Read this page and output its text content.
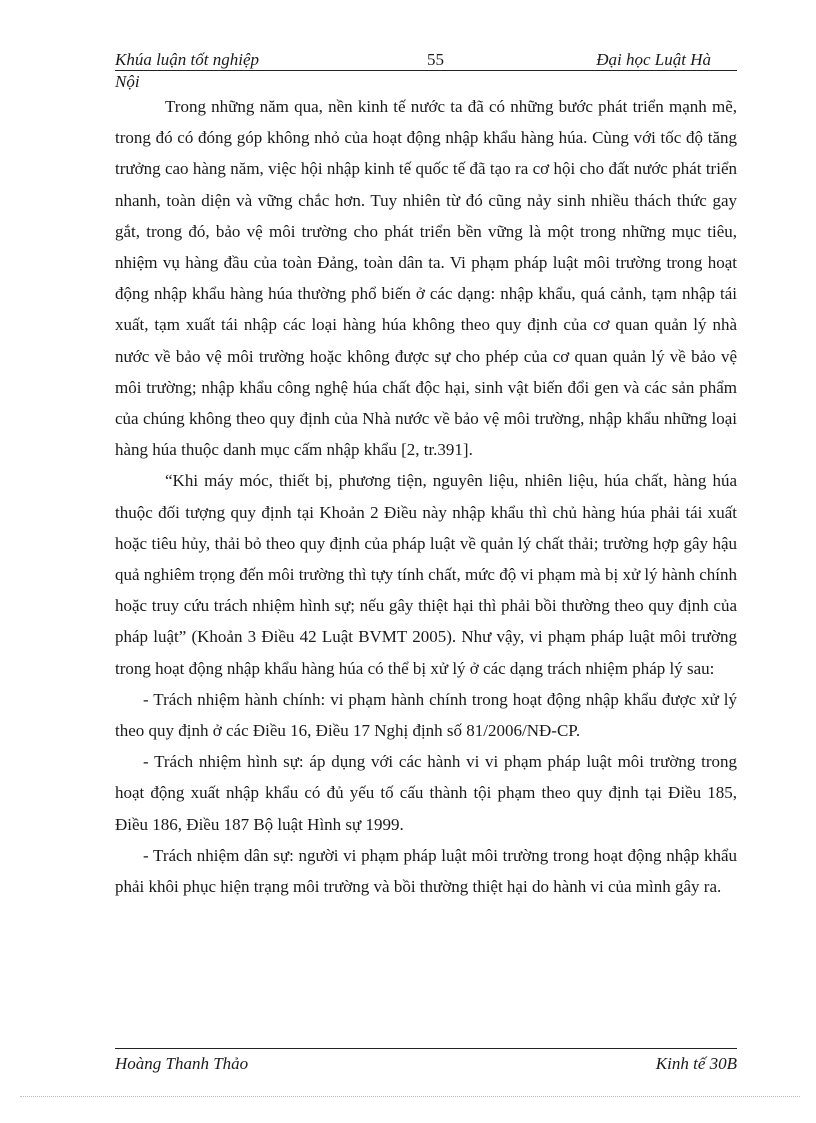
Khúa luận tốt nghiệp	55	Đại học Luật Hà
Nội

Trong những năm qua, nền kinh tế nước ta đã có những bước phát triển mạnh mẽ, trong đó có đóng góp không nhỏ của hoạt động nhập khẩu hàng húa. Cùng với tốc độ tăng trưởng cao hàng năm, việc hội nhập kinh tế quốc tế đã tạo ra cơ hội cho đất nước phát triển nhanh, toàn diện và vững chắc hơn. Tuy nhiên từ đó cũng nảy sinh nhiều thách thức gay gắt, trong đó, bảo vệ môi trường cho phát triển bền vững là một trong những mục tiêu, nhiệm vụ hàng đầu của toàn Đảng, toàn dân ta. Vi phạm pháp luật môi trường trong hoạt động nhập khẩu hàng húa thường phổ biến ở các dạng: nhập khẩu, quá cảnh, tạm nhập tái xuất, tạm xuất tái nhập các loại hàng húa không theo quy định của cơ quan quản lý nhà nước về bảo vệ môi trường hoặc không được sự cho phép của cơ quan quản lý về bảo vệ môi trường; nhập khẩu công nghệ húa chất độc hại, sinh vật biến đổi gen và các sản phẩm của chúng không theo quy định của Nhà nước về bảo vệ môi trường, nhập khẩu những loại hàng húa thuộc danh mục cấm nhập khẩu [2, tr.391].

“Khi máy móc, thiết bị, phương tiện, nguyên liệu, nhiên liệu, húa chất, hàng húa thuộc đối tượng quy định tại Khoản 2 Điều này nhập khẩu thì chủ hàng húa phải tái xuất hoặc tiêu hủy, thải bỏ theo quy định của pháp luật về quản lý chất thải; trường hợp gây hậu quả nghiêm trọng đến môi trường thì tựy tính chất, mức độ vi phạm mà bị xử lý hành chính hoặc truy cứu trách nhiệm hình sự; nếu gây thiệt hại thì phải bồi thường theo quy định của pháp luật” (Khoản 3 Điều 42 Luật BVMT 2005). Như vậy, vi phạm pháp luật môi trường trong hoạt động nhập khẩu hàng húa có thể bị xử lý ở các dạng trách nhiệm pháp lý sau:

- Trách nhiệm hành chính: vi phạm hành chính trong hoạt động nhập khẩu được xử lý theo quy định ở các Điều 16, Điều 17 Nghị định số 81/2006/NĐ-CP.

- Trách nhiệm hình sự: áp dụng với các hành vi vi phạm pháp luật môi trường trong hoạt động xuất nhập khẩu có đủ yếu tố cấu thành tội phạm theo quy định tại Điều 185, Điều 186, Điều 187 Bộ luật Hình sự 1999.

- Trách nhiệm dân sự: người vi phạm pháp luật môi trường trong hoạt động nhập khẩu phải khôi phục hiện trạng môi trường và bồi thường thiệt hại do hành vi của mình gây ra.

Hoàng Thanh Thảo	Kinh tế 30B
